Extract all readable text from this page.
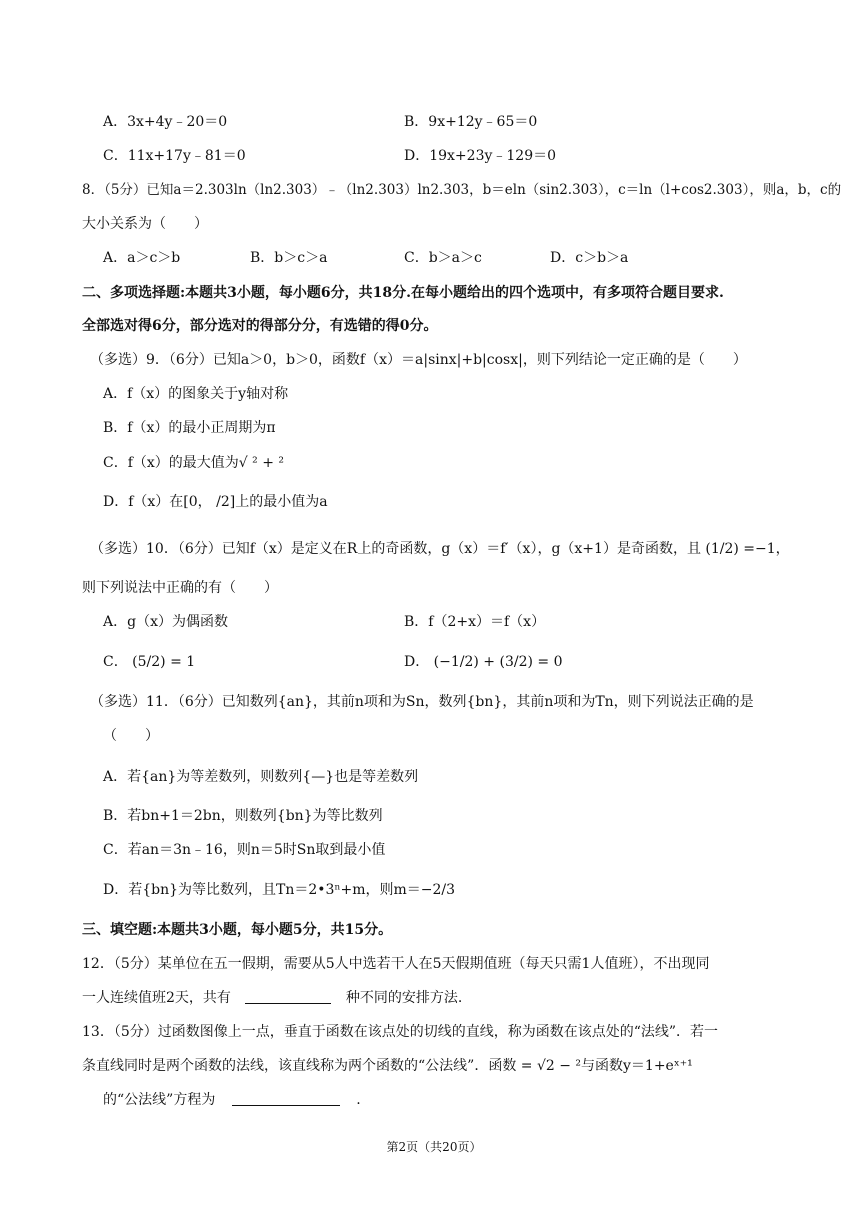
A．3x+4y﹣20＝0	B．9x+12y﹣65＝0
C．11x+17y﹣81＝0	D．19x+23y﹣129＝0
8．（5分）已知a＝2.303ln（ln2.303）﹣（ln2.303）ln2.303，b＝eln（sin2.303），c＝ln（l+cos2.303），则a，b，c的
大小关系为（　　）
A．a＞c＞b	B．b＞c＞a	C．b＞a＞c	D．c＞b＞a
二、多项选择题:本题共3小题，每小题6分，共18分.在每小题给出的四个选项中，有多项符合题目要求.
全部选对得6分，部分选对的得部分分，有选错的得0分。
（多选）9．（6分）已知a＞0，b＞0，函数f（x）＝a|sinx|+b|cosx|，则下列结论一定正确的是（　　）
A．f（x）的图象关于y轴对称
B．f（x）的最小正周期为π
C．f（x）的最大值为√ ² + ²
D．f（x）在[0， /2]上的最小值为a
（多选）10．（6分）已知f（x）是定义在R上的奇函数，g（x）＝f′（x），g（x+1）是奇函数，且 (1/2) =−1，
则下列说法中正确的有（　　）
A．g（x）为偶函数	B．f（2+x）＝f（x）
C． (5/2) = 1	D． (−1/2) + (3/2) = 0
（多选）11．（6分）已知数列{an}，其前n项和为Sn，数列{bn}，其前n项和为Tn，则下列说法正确的是
（　　）
A．若{an}为等差数列，则数列{—}也是等差数列
B．若bn+1＝2bn，则数列{bn}为等比数列
C．若an＝3n﹣16，则n＝5时Sn取到最小值
D．若{bn}为等比数列，且Tn＝2•3ⁿ+m，则m＝−2/3
三、填空题:本题共3小题，每小题5分，共15分。
12．（5分）某单位在五一假期，需要从5人中选若干人在5天假期值班（每天只需1人值班），不出现同
一人连续值班2天，共有	种不同的安排方法.
13．（5分）过函数图像上一点，垂直于函数在该点处的切线的直线，称为函数在该点处的“法线”．若一
条直线同时是两个函数的法线，该直线称为两个函数的“公法线”．函数 = √2 − ²与函数y＝1+eˣ⁺¹
的“公法线”方程为	.
第2页（共20页）
